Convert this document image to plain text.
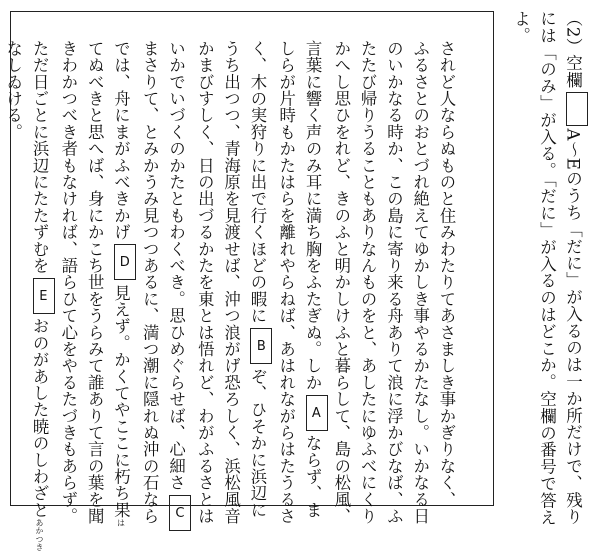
（2）空欄A～Eのうち「だに」が入るのは一か所だけで、残り
には「のみ」が入る。「だに」が入るのはどこか。空欄の番号で答え
よ。
されど人ならぬものと住みわたりてあさましき事かぎりなく、
ふるさとのおとづれ絶えてゆかしき事やるかたなし。いかなる日
のいかなる時か、この島に寄り来る舟ありて浪に浮かびなば、ふ
たたび帰りうることもありなんものをと、あしたにゆふべにくり
かへし思ひをれど、きのふと明かしけふと暮らして、島の松風、
言葉に響く声のみ耳に満ち胸をふたぎぬ。しかAならず、ま
しらが片時もかたはらを離れやらねば、あはれながらはたうるさ
く、木の実狩りに出で行くほどの暇にBぞ、ひそかに浜辺に
うち出つつ、青海原を見渡せば、沖つ浪がげ恐ろしく、浜松風音
かまびすしく、日の出づるかたを東とは悟れど、わがふるさとは
いかでいづくのかたともわくべき。思ひめぐらせば、心細さC
まさりて、とみかうみ見つつあるに、満つ潮に隠れぬ沖の石なら
では、舟にまがふべきかげD見えず。かくてやここに朽ち果は
てぬべきと思へば、身にかこち世をうらみて誰ありて言の葉を聞
きわかつべき者もなければ、語らひて心をやるたづきもあらず。
ただ日ごとに浜辺にたたずむをEおのがあした暁のしわざとあかつき
なしゐける。
